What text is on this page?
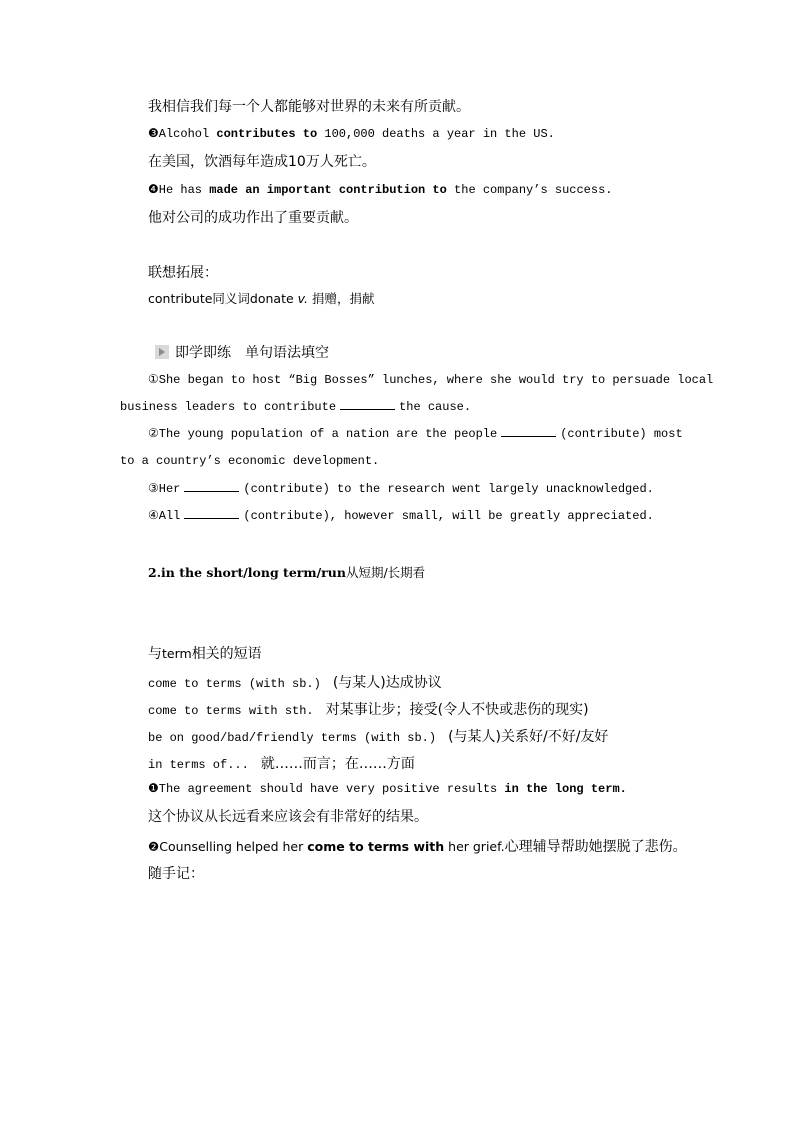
我相信我们每一个人都能够对世界的未来有所贡献。
❸Alcohol contributes to 100,000 deaths a year in the US.
在美国，饮酒每年造成10万人死亡。
❹He has made an important contribution to the company’s success.
他对公司的成功作出了重要贡献。
联想拓展：
contribute同义词donate v. 捐赠，捐献
即学即练　单句语法填空
①She began to host “Big Bosses” lunches, where she would try to persuade local
business leaders to contribute	the cause.
②The young population of a nation are the people	(contribute) most
to a country’s economic development.
③Her	(contribute) to the research went largely unacknowledged.
④All	(contribute), however small, will be greatly appreciated.
2.in the short/long term/run从短期/长期看
与term相关的短语
come to terms (with sb.)　(与某人)达成协议
come to terms with sth.　对某事让步；接受(令人不快或悲伤的现实)
be on good/bad/friendly terms (with sb.)　(与某人)关系好/不好/友好
in terms of...　就……而言；在……方面
❶The agreement should have very positive results in the long term.
这个协议从长远看来应该会有非常好的结果。
❷Counselling helped her come to terms with her grief.心理辅导帮助她摆脱了悲伤。
随手记：
